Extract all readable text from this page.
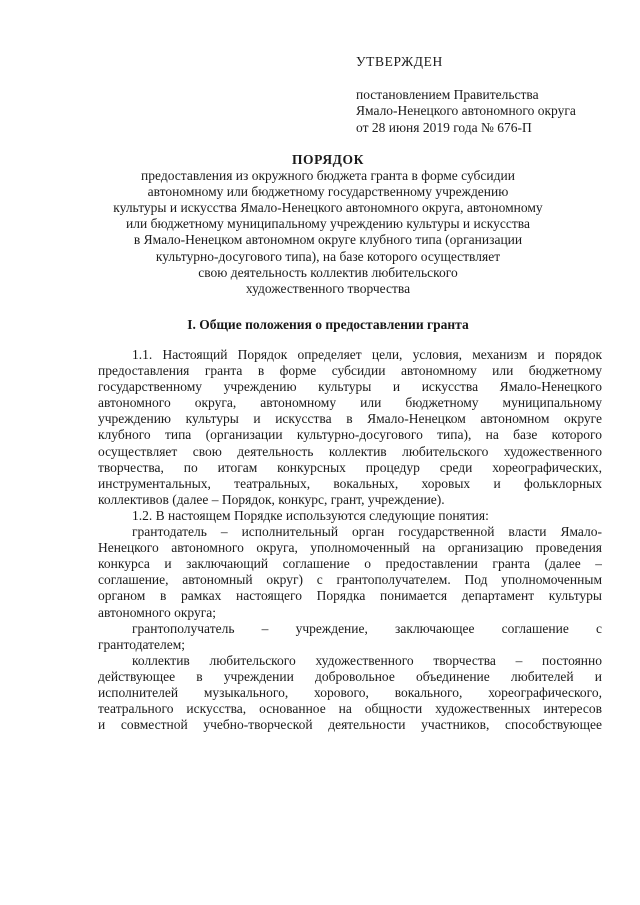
УТВЕРЖДЕН
постановлением Правительства
Ямало-Ненецкого автономного округа
от 28 июня 2019 года № 676-П
ПОРЯДОК
предоставления из окружного бюджета гранта в форме субсидии
автономному или бюджетному государственному учреждению
культуры и искусства Ямало-Ненецкого автономного округа, автономному
или бюджетному муниципальному учреждению культуры и искусства
в Ямало-Ненецком автономном округе клубного типа (организации
культурно-досугового типа), на базе которого осуществляет
свою деятельность коллектив любительского
художественного творчества
I. Общие положения о предоставлении гранта
1.1. Настоящий Порядок определяет цели, условия, механизм и порядок
предоставления гранта в форме субсидии автономному или бюджетному
государственному учреждению культуры и искусства Ямало-Ненецкого
автономного округа, автономному или бюджетному муниципальному
учреждению культуры и искусства в Ямало-Ненецком автономном округе
клубного типа (организации культурно-досугового типа), на базе которого
осуществляет свою деятельность коллектив любительского художественного
творчества, по итогам конкурсных процедур среди хореографических,
инструментальных, театральных, вокальных, хоровых и фольклорных
коллективов (далее – Порядок, конкурс, грант, учреждение).
1.2. В настоящем Порядке используются следующие понятия:
грантодатель – исполнительный орган государственной власти Ямало-
Ненецкого автономного округа, уполномоченный на организацию проведения
конкурса и заключающий соглашение о предоставлении гранта (далее –
соглашение, автономный округ) с грантополучателем. Под уполномоченным
органом в рамках настоящего Порядка понимается департамент культуры
автономного округа;
грантополучатель – учреждение, заключающее соглашение с
грантодателем;
коллектив любительского художественного творчества – постоянно
действующее в учреждении добровольное объединение любителей и
исполнителей музыкального, хорового, вокального, хореографического,
театрального искусства, основанное на общности художественных интересов
и совместной учебно-творческой деятельности участников, способствующее
